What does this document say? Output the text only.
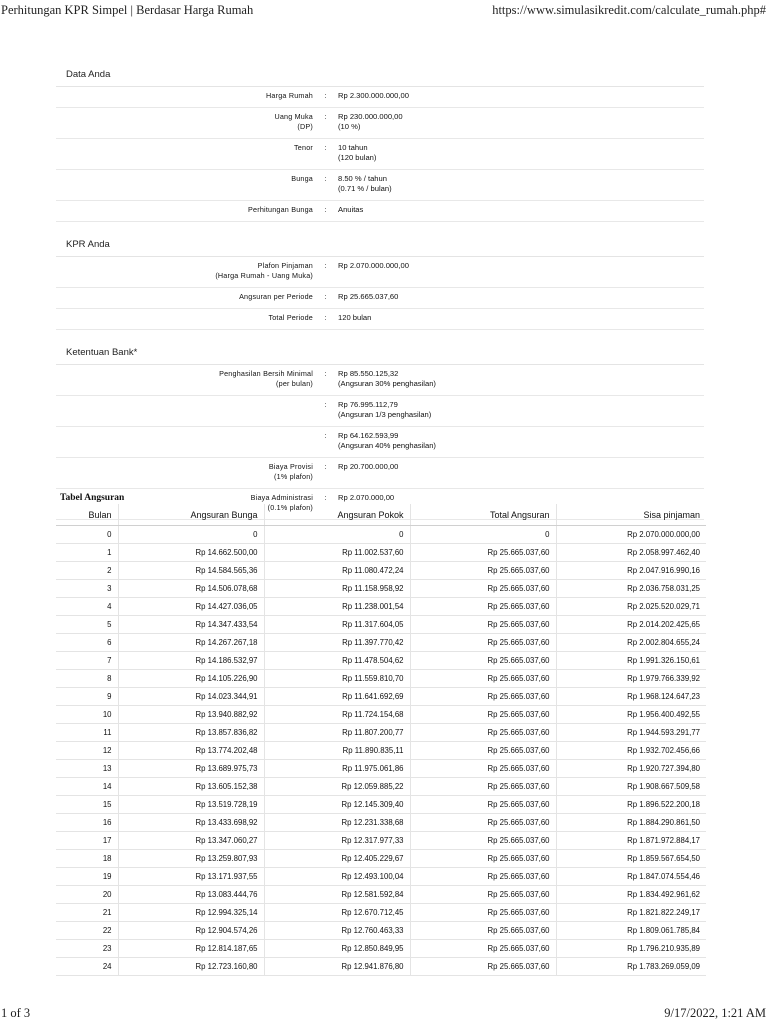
Perhitungan KPR Simpel | Berdasar Harga Rumah	https://www.simulasikredit.com/calculate_rumah.php#
Data Anda
Harga Rumah	:	Rp 2.300.000.000,00
Uang Muka
(DP)
:	Rp 230.000.000,00
(10 %)
Tenor	:	10 tahun
(120 bulan)
Bunga	:	8.50 % / tahun
(0.71 % / bulan)
Perhitungan Bunga	:	Anuitas
KPR Anda
Plafon Pinjaman
(Harga Rumah - Uang Muka)
:	Rp 2.070.000.000,00
Angsuran per Periode	:	Rp 25.665.037,60
Total Periode	:	120 bulan
Ketentuan Bank*
Penghasilan Bersih Minimal
(per bulan)
:	Rp 85.550.125,32
(Angsuran 30% penghasilan)
:	Rp 76.995.112,79
(Angsuran 1/3 penghasilan)
:	Rp 64.162.593,99
(Angsuran 40% penghasilan)
Biaya Provisi
(1% plafon)
:	Rp 20.700.000,00
Biaya Administrasi
(0.1% plafon)
:	Rp 2.070.000,00
Tabel Angsuran
Bulan	Angsuran Bunga	Angsuran Pokok	Total Angsuran	Sisa pinjaman
0	0	0	0	Rp 2.070.000.000,00
1	Rp 14.662.500,00	Rp 11.002.537,60	Rp 25.665.037,60	Rp 2.058.997.462,40
2	Rp 14.584.565,36	Rp 11.080.472,24	Rp 25.665.037,60	Rp 2.047.916.990,16
3	Rp 14.506.078,68	Rp 11.158.958,92	Rp 25.665.037,60	Rp 2.036.758.031,25
4	Rp 14.427.036,05	Rp 11.238.001,54	Rp 25.665.037,60	Rp 2.025.520.029,71
5	Rp 14.347.433,54	Rp 11.317.604,05	Rp 25.665.037,60	Rp 2.014.202.425,65
6	Rp 14.267.267,18	Rp 11.397.770,42	Rp 25.665.037,60	Rp 2.002.804.655,24
7	Rp 14.186.532,97	Rp 11.478.504,62	Rp 25.665.037,60	Rp 1.991.326.150,61
8	Rp 14.105.226,90	Rp 11.559.810,70	Rp 25.665.037,60	Rp 1.979.766.339,92
9	Rp 14.023.344,91	Rp 11.641.692,69	Rp 25.665.037,60	Rp 1.968.124.647,23
10	Rp 13.940.882,92	Rp 11.724.154,68	Rp 25.665.037,60	Rp 1.956.400.492,55
11	Rp 13.857.836,82	Rp 11.807.200,77	Rp 25.665.037,60	Rp 1.944.593.291,77
12	Rp 13.774.202,48	Rp 11.890.835,11	Rp 25.665.037,60	Rp 1.932.702.456,66
13	Rp 13.689.975,73	Rp 11.975.061,86	Rp 25.665.037,60	Rp 1.920.727.394,80
14	Rp 13.605.152,38	Rp 12.059.885,22	Rp 25.665.037,60	Rp 1.908.667.509,58
15	Rp 13.519.728,19	Rp 12.145.309,40	Rp 25.665.037,60	Rp 1.896.522.200,18
16	Rp 13.433.698,92	Rp 12.231.338,68	Rp 25.665.037,60	Rp 1.884.290.861,50
17	Rp 13.347.060,27	Rp 12.317.977,33	Rp 25.665.037,60	Rp 1.871.972.884,17
18	Rp 13.259.807,93	Rp 12.405.229,67	Rp 25.665.037,60	Rp 1.859.567.654,50
19	Rp 13.171.937,55	Rp 12.493.100,04	Rp 25.665.037,60	Rp 1.847.074.554,46
20	Rp 13.083.444,76	Rp 12.581.592,84	Rp 25.665.037,60	Rp 1.834.492.961,62
21	Rp 12.994.325,14	Rp 12.670.712,45	Rp 25.665.037,60	Rp 1.821.822.249,17
22	Rp 12.904.574,26	Rp 12.760.463,33	Rp 25.665.037,60	Rp 1.809.061.785,84
23	Rp 12.814.187,65	Rp 12.850.849,95	Rp 25.665.037,60	Rp 1.796.210.935,89
24	Rp 12.723.160,80	Rp 12.941.876,80	Rp 25.665.037,60	Rp 1.783.269.059,09
1 of 3	9/17/2022, 1:21 AM
